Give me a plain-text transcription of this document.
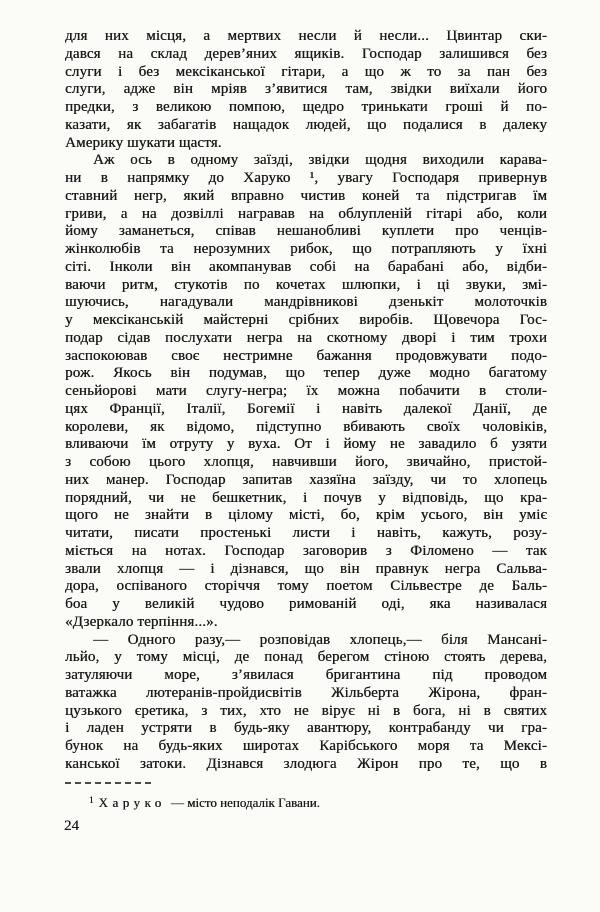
для них місця, а мертвих несли й несли... Цвинтар ски-
дався на склад дерев’яних ящиків. Господар залишився без
слуги і без мексіканської гітари, а що ж то за пан без
слуги, адже він мріяв з’явитися там, звідки виїхали його
предки, з великою помпою, щедро тринькати гроші й по-
казати, як забагатів нащадок людей, що подалися в далеку
Америку шукати щастя.
Аж ось в одному заїзді, звідки щодня виходили карава-
ни в напрямку до Харуко ¹, увагу Господаря привернув
ставний негр, який вправно чистив коней та підстригав їм
гриви, а на дозвіллі награвав на облупленій гітарі або, коли
йому заманеться, співав нешанобливі куплети про ченців-
жінколюбів та нерозумних рибок, що потрапляють у їхні
сіті. Інколи він акомпанував собі на барабані або, відби-
ваючи ритм, стукотів по кочетах шлюпки, і ці звуки, змі-
шуючись, нагадували мандрівникові дзенькіт молоточків
у мексіканській майстерні срібних виробів. Щовечора Гос-
подар сідав послухати негра на скотному дворі і тим трохи
заспокоював своє нестримне бажання продовжувати подо-
рож. Якось він подумав, що тепер дуже модно багатому
сеньйорові мати слугу-негра; їх можна побачити в столи-
цях Франції, Італії, Богемії і навіть далекої Данії, де
королеви, як відомо, підступно вбивають своїх чоловіків,
вливаючи їм отруту у вуха. От і йому не завадило б узяти
з собою цього хлопця, навчивши його, звичайно, пристой-
них манер. Господар запитав хазяїна заїзду, чи то хлопець
порядний, чи не бешкетник, і почув у відповідь, що кра-
щого не знайти в цілому місті, бо, крім усього, він уміє
читати, писати простенькі листи і навіть, кажуть, розу-
міється на нотах. Господар заговорив з Філомено — так
звали хлопця — і дізнався, що він правнук негра Сальва-
дора, оспіваного сторіччя тому поетом Сільвестре де Баль-
боа у великій чудово римованій оді, яка називалася
«Дзеркало терпіння...».
— Одного разу,— розповідав хлопець,— біля Мансані-
льйо, у тому місці, де понад берегом стіною стоять дерева,
затуляючи море, з’явилася бригантина під проводом
ватажка лютеранів-пройдисвітів Жільберта Жірона, фран-
цузького єретика, з тих, хто не вірує ні в бога, ні в святих
і ладен устряти в будь-яку авантюру, контрабанду чи гра-
бунок на будь-яких широтах Карібського моря та Мексі-
канської затоки. Дізнався злодюга Жірон про те, що в
$^1$ Харуко — місто неподалік Гавани.
24
